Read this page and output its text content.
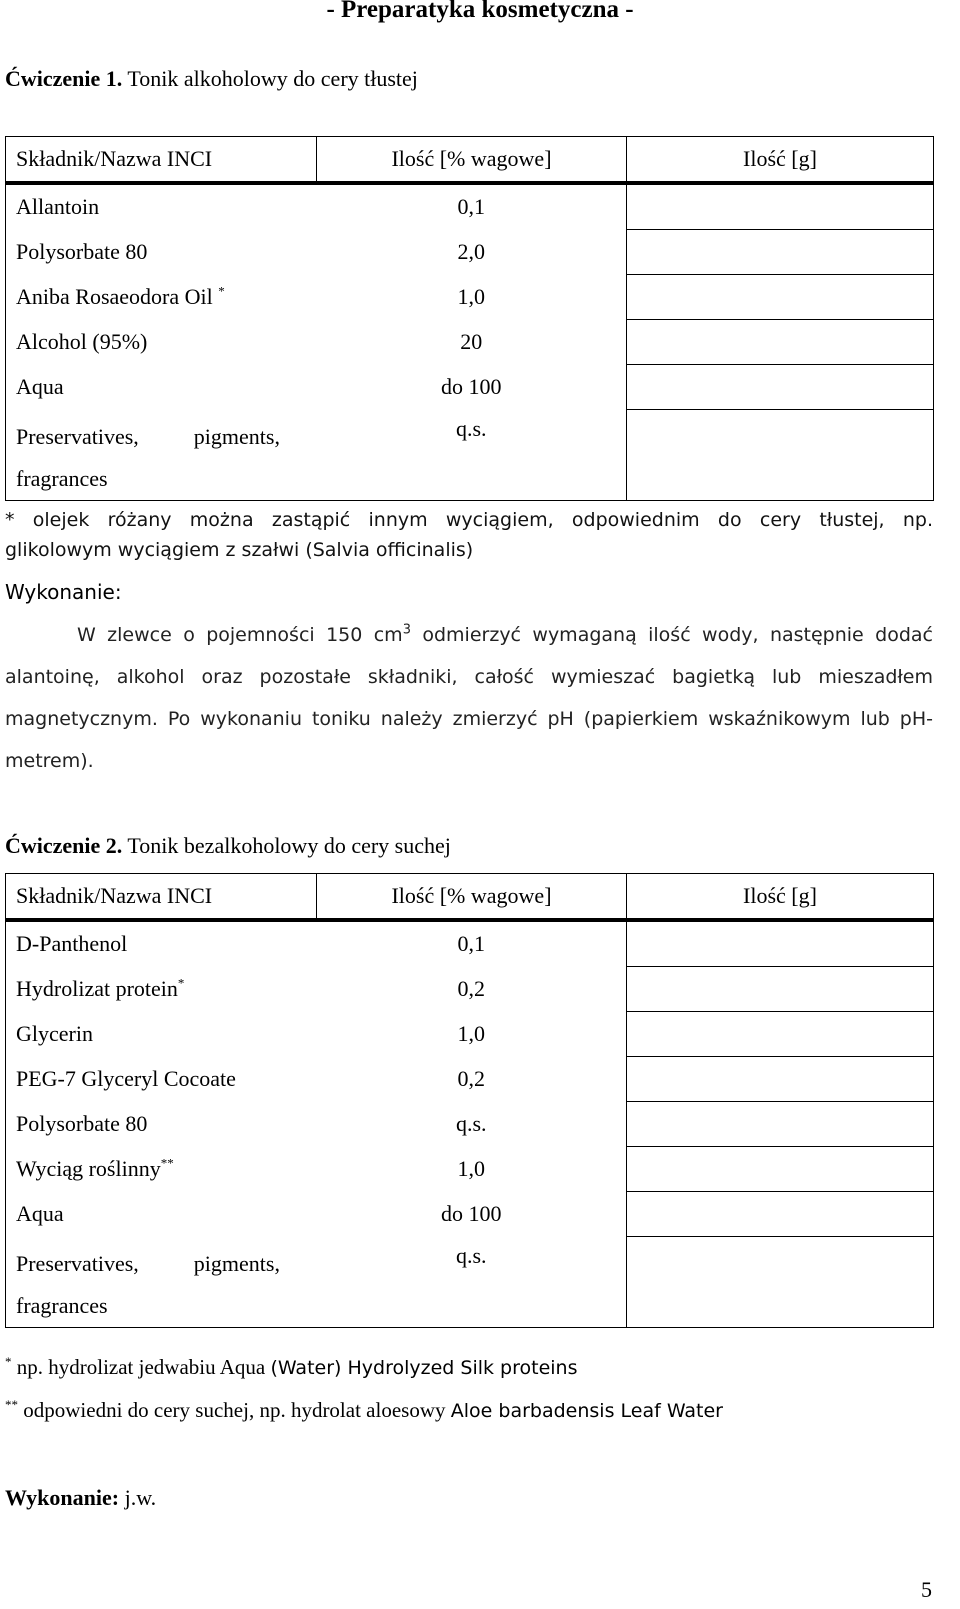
- Preparatyka kosmetyczna -
Ćwiczenie 1. Tonik alkoholowy do cery tłustej
Składnik/Nazwa INCI	Ilość [% wagowe]	Ilość [g]
Allantoin	0,1	
Polysorbate 80	2,0	
Aniba Rosaeodora Oil *	1,0	
Alcohol (95%)	20	
Aqua	do 100	

Preservatives,          pigments,
fragrances	q.s.	
* olejek różany można zastąpić innym wyciągiem, odpowiednim do cery tłustej, np.
glikolowym wyciągiem z szałwi (Salvia officinalis)
Wykonanie:
W zlewce o pojemności 150 $cm^3$ odmierzyć wymaganą ilość wody, następnie dodać
alantoinę, alkohol oraz pozostałe składniki, całość wymieszać bagietką lub mieszadłem
magnetycznym. Po wykonaniu toniku należy zmierzyć pH (papierkiem wskaźnikowym lub pH-
metrem).
Ćwiczenie 2. Tonik bezalkoholowy do cery suchej
Składnik/Nazwa INCI	Ilość [% wagowe]	Ilość [g]
D-Panthenol	0,1	
Hydrolizat protein*	0,2	
Glycerin	1,0	
PEG-7 Glyceryl Cocoate	0,2	
Polysorbate 80	q.s.	
Wyciąg roślinny**	1,0	
Aqua	do 100	

Preservatives,          pigments,
fragrances	q.s.	
* np. hydrolizat jedwabiu Aqua (Water) Hydrolyzed Silk proteins
** odpowiedni do cery suchej, np. hydrolat aloesowy Aloe barbadensis Leaf Water
Wykonanie: j.w.
5
